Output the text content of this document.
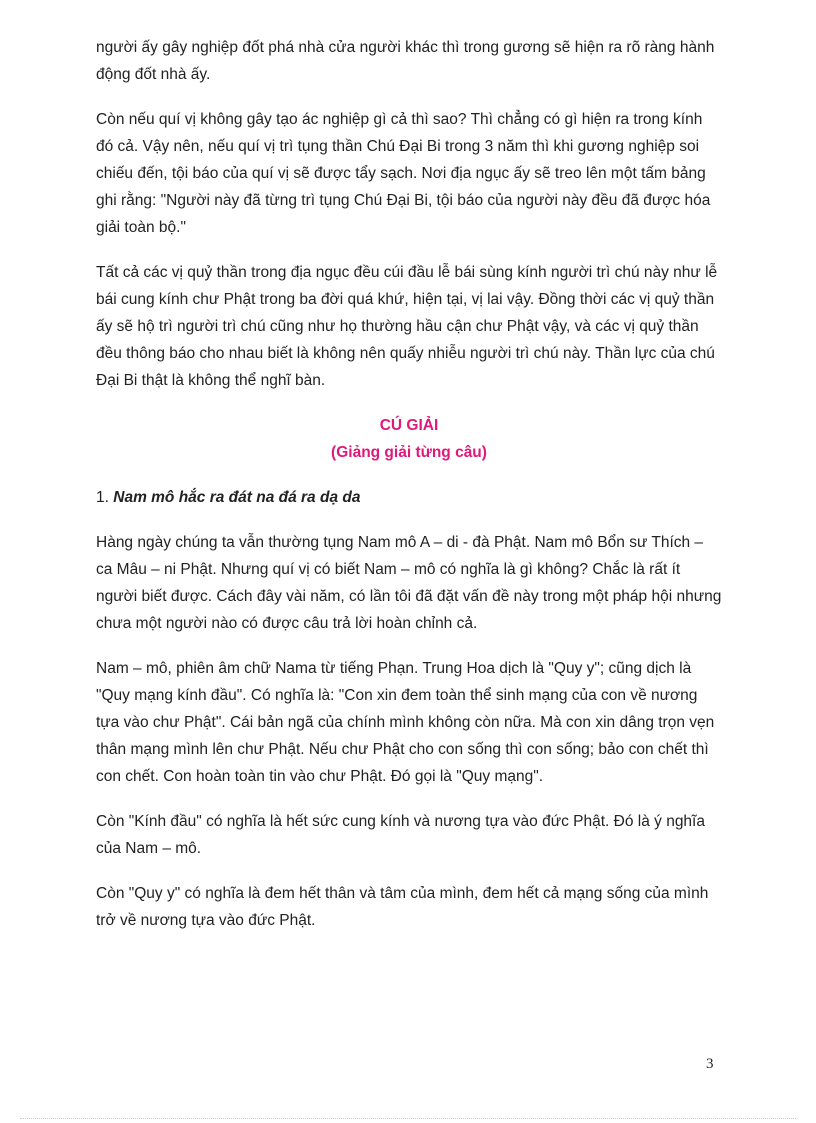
người ấy gây nghiệp đốt phá nhà cửa người khác thì trong gương sẽ hiện ra rõ ràng hành động đốt nhà ấy.

Còn nếu quí vị không gây tạo ác nghiệp gì cả thì sao? Thì chẳng có gì hiện ra trong kính đó cả. Vậy nên, nếu quí vị trì tụng thần Chú Đại Bi trong 3 năm thì khi gương nghiệp soi chiếu đến, tội báo của quí vị sẽ được tẩy sạch. Nơi địa ngục ấy sẽ treo lên một tấm bảng ghi rằng: "Người này đã từng trì tụng Chú Đại Bi, tội báo của người này đều đã được hóa giải toàn bộ."

Tất cả các vị quỷ thần trong địa ngục đều cúi đầu lễ bái sùng kính người trì chú này như lễ bái cung kính chư Phật trong ba đời quá khứ, hiện tại, vị lai vậy. Đồng thời các vị quỷ thần ấy sẽ hộ trì người trì chú cũng như họ thường hầu cận chư Phật vậy, và các vị quỷ thần đều thông báo cho nhau biết là không nên quấy nhiễu người trì chú này. Thần lực của chú Đại Bi thật là không thể nghĩ bàn.

CÚ GIẢI
(Giảng giải từng câu)

1. Nam mô hắc ra đát na đá ra dạ da

Hàng ngày chúng ta vẫn thường tụng Nam mô A – di - đà Phật. Nam mô Bổn sư Thích – ca Mâu – ni Phật. Nhưng quí vị có biết Nam – mô có nghĩa là gì không? Chắc là rất ít người biết được. Cách đây vài năm, có lần tôi đã đặt vấn đề này trong một pháp hội nhưng chưa một người nào có được câu trả lời hoàn chỉnh cả.

Nam – mô, phiên âm chữ Nama từ tiếng Phạn. Trung Hoa dịch là "Quy y"; cũng dịch là "Quy mạng kính đầu". Có nghĩa là: "Con xin đem toàn thể sinh mạng của con về nương tựa vào chư Phật". Cái bản ngã của chính mình không còn nữa. Mà con xin dâng trọn vẹn thân mạng mình lên chư Phật. Nếu chư Phật cho con sống thì con sống; bảo con chết thì con chết. Con hoàn toàn tin vào chư Phật. Đó gọi là "Quy mạng".

Còn "Kính đầu" có nghĩa là hết sức cung kính và nương tựa vào đức Phật. Đó là ý nghĩa của Nam – mô.

Còn "Quy y" có nghĩa là đem hết thân và tâm của mình, đem hết cả mạng sống của mình trở về nương tựa vào đức Phật.

3
